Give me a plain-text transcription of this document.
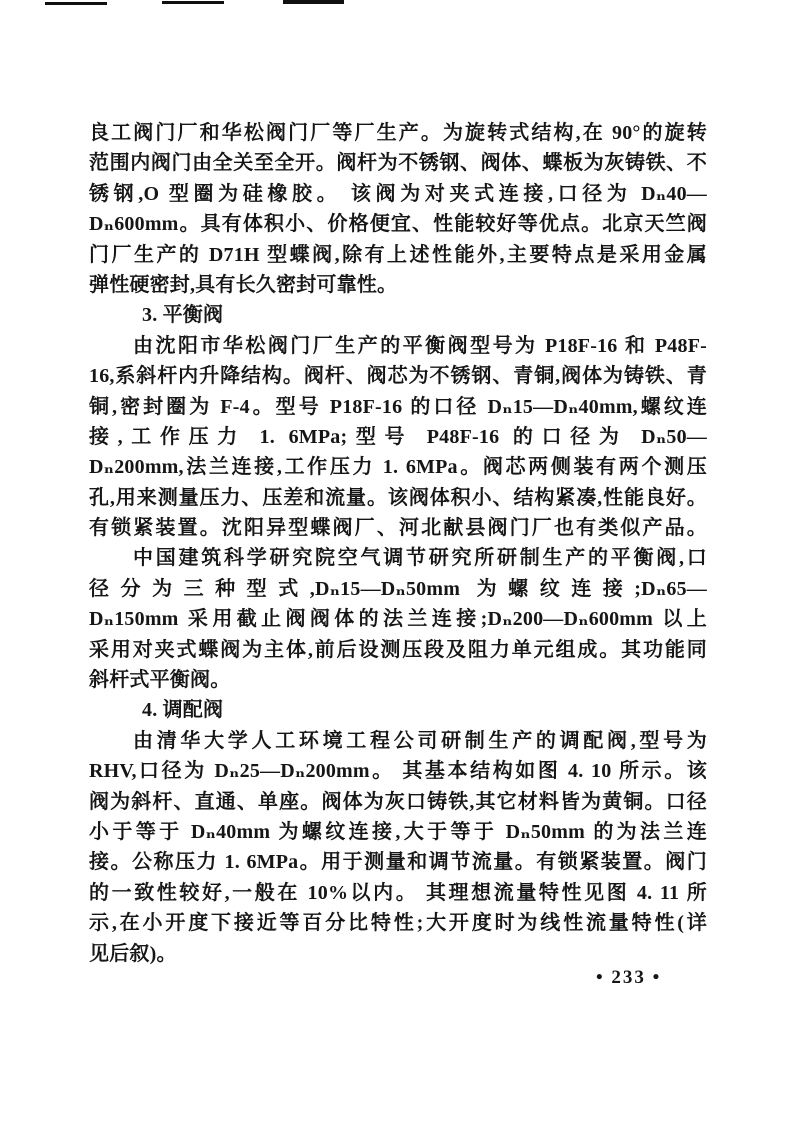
良工阀门厂和华松阀门厂等厂生产。为旋转式结构,在 90°的旋转
范围内阀门由全关至全开。阀杆为不锈钢、阀体、蝶板为灰铸铁、不
锈钢,O 型圈为硅橡胶。 该阀为对夹式连接,口径为 Dₙ40—
Dₙ600mm。具有体积小、价格便宜、性能较好等优点。北京天竺阀
门厂生产的 D71H 型蝶阀,除有上述性能外,主要特点是采用金属
弹性硬密封,具有长久密封可靠性。
3. 平衡阀
由沈阳市华松阀门厂生产的平衡阀型号为 P18F-16 和 P48F-
16,系斜杆内升降结构。阀杆、阀芯为不锈钢、青铜,阀体为铸铁、青
铜,密封圈为 F-4。型号 P18F-16 的口径 Dₙ15—Dₙ40mm,螺纹连
接,工作压力 1. 6MPa;型号 P48F-16 的口径为 Dₙ50—
Dₙ200mm,法兰连接,工作压力 1. 6MPa。阀芯两侧装有两个测压
孔,用来测量压力、压差和流量。该阀体积小、结构紧凑,性能良好。
有锁紧装置。沈阳异型蝶阀厂、河北献县阀门厂也有类似产品。
中国建筑科学研究院空气调节研究所研制生产的平衡阀,口
径分为三种型式,Dₙ15—Dₙ50mm 为螺纹连接;Dₙ65—
Dₙ150mm 采用截止阀阀体的法兰连接;Dₙ200—Dₙ600mm 以上
采用对夹式蝶阀为主体,前后设测压段及阻力单元组成。其功能同
斜杆式平衡阀。
4. 调配阀
由清华大学人工环境工程公司研制生产的调配阀,型号为
RHV,口径为 Dₙ25—Dₙ200mm。 其基本结构如图 4. 10 所示。该
阀为斜杆、直通、单座。阀体为灰口铸铁,其它材料皆为黄铜。口径
小于等于 Dₙ40mm 为螺纹连接,大于等于 Dₙ50mm 的为法兰连
接。公称压力 1. 6MPa。用于测量和调节流量。有锁紧装置。阀门
的一致性较好,一般在 10%以内。 其理想流量特性见图 4. 11 所
示,在小开度下接近等百分比特性;大开度时为线性流量特性(详
见后叙)。
• 233 •
